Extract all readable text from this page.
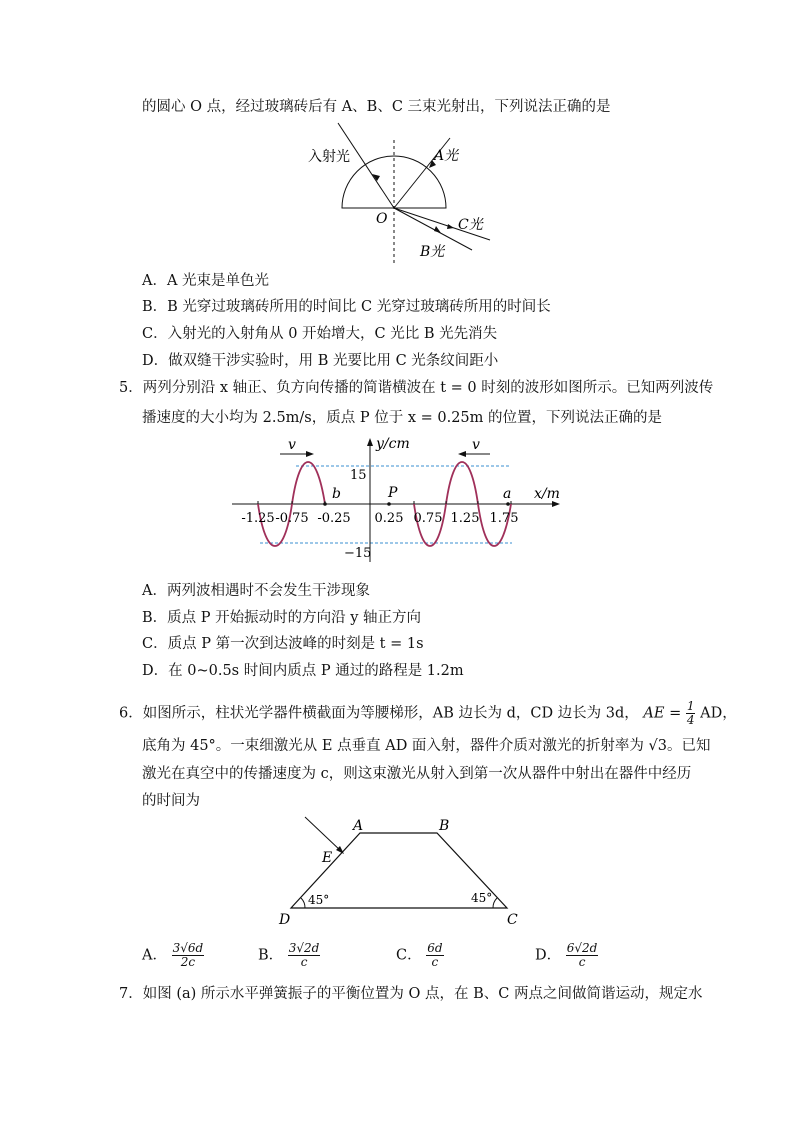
的圆心 O 点，经过玻璃砖后有 A、B、C 三束光射出，下列说法正确的是
入射光	A光
C光
B光
O
A．A 光束是单色光
B．B 光穿过玻璃砖所用的时间比 C 光穿过玻璃砖所用的时间长
C．入射光的入射角从 0 开始增大，C 光比 B 光先消失
D．做双缝干涉实验时，用 B 光要比用 C 光条纹间距小
5．两列分别沿 x 轴正、负方向传播的简谐横波在 t = 0 时刻的波形如图所示。已知两列波传
播速度的大小均为 2.5m/s，质点 P 位于 x = 0.25m 的位置，下列说法正确的是
v	v
y/cm
x/m
15
−15
-1.25 -0.75 -0.25 0.25 0.75 1.25 1.75
b	P	a
A．两列波相遇时不会发生干涉现象
B．质点 P 开始振动时的方向沿 y 轴正方向
C．质点 P 第一次到达波峰的时刻是 t = 1s
D．在 0~0.5s 时间内质点 P 通过的路程是 1.2m
6．如图所示，柱状光学器件横截面为等腰梯形，AB 边长为 d，CD 边长为 3d， AE = $\frac{1}{4}$ AD，
底角为 45°。一束细激光从 E 点垂直 AD 面入射，器件介质对激光的折射率为 √3。已知
激光在真空中的传播速度为 c，则这束激光从射入到第一次从器件中射出在器件中经历
的时间为
A	B
C
D
E
45°	45°
A． $\frac{3√6d}{2c}$	B． $\frac{3√2d}{c}$	C． $\frac{6d}{c}$	D． $\frac{6√2d}{c}$
7．如图 (a) 所示水平弹簧振子的平衡位置为 O 点，在 B、C 两点之间做简谐运动，规定水
